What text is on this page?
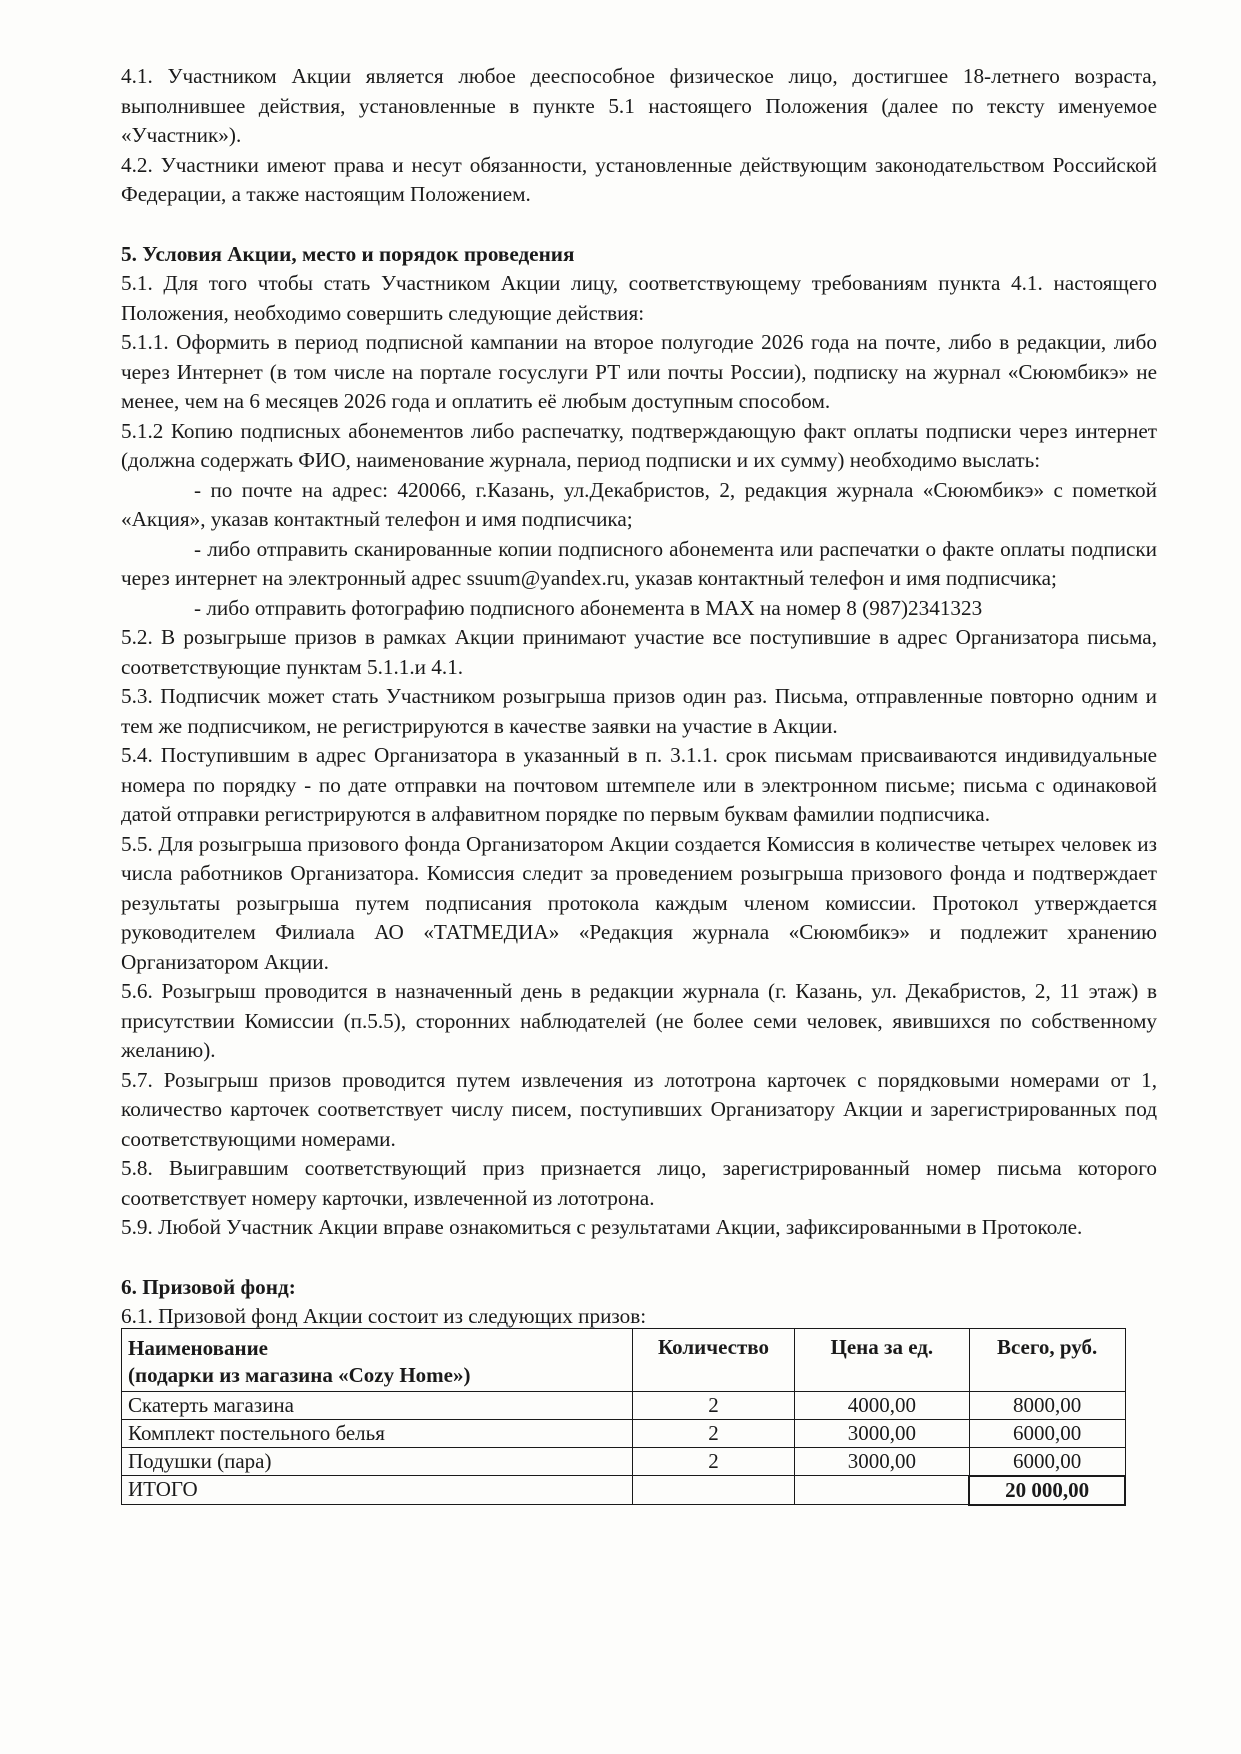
4.1. Участником Акции является любое дееспособное физическое лицо, достигшее 18-летнего возраста, выполнившее действия, установленные в пункте 5.1 настоящего Положения (далее по тексту именуемое «Участник»).

4.2. Участники имеют права и несут обязанности, установленные действующим законодательством Российской Федерации, а также настоящим Положением.

5. Условия Акции, место и порядок проведения

5.1. Для того чтобы стать Участником Акции лицу, соответствующему требованиям пункта 4.1. настоящего Положения, необходимо совершить следующие действия:

5.1.1. Оформить в период подписной кампании на второе полугодие 2026 года на почте, либо в редакции, либо через Интернет (в том числе на портале госуслуги РТ или почты России), подписку на журнал «Сююмбикэ» не менее, чем на 6 месяцев 2026 года и оплатить её любым доступным способом.

5.1.2 Копию подписных абонементов либо распечатку, подтверждающую факт оплаты подписки через интернет (должна содержать ФИО, наименование журнала, период подписки и их сумму) необходимо выслать:

- по почте на адрес: 420066, г.Казань, ул.Декабристов, 2, редакция журнала «Сююмбикэ» с пометкой «Акция», указав контактный телефон и имя подписчика;

- либо отправить сканированные копии подписного абонемента или распечатки о факте оплаты подписки через интернет на электронный адрес ssuum@yandex.ru, указав контактный телефон и имя подписчика;

- либо отправить фотографию подписного абонемента в MAX на номер 8 (987)2341323

5.2. В розыгрыше призов в рамках Акции принимают участие все поступившие в адрес Организатора письма, соответствующие пунктам 5.1.1.и 4.1.

5.3. Подписчик может стать Участником розыгрыша призов один раз. Письма, отправленные повторно одним и тем же подписчиком, не регистрируются в качестве заявки на участие в Акции.

5.4. Поступившим в адрес Организатора в указанный в п. 3.1.1. срок письмам присваиваются индивидуальные номера по порядку - по дате отправки на почтовом штемпеле или в электронном письме; письма с одинаковой датой отправки регистрируются в алфавитном порядке по первым буквам фамилии подписчика.

5.5. Для розыгрыша призового фонда Организатором Акции создается Комиссия в количестве четырех человек из числа работников Организатора. Комиссия следит за проведением розыгрыша призового фонда и подтверждает результаты розыгрыша путем подписания протокола каждым членом комиссии. Протокол утверждается руководителем Филиала АО «ТАТМЕДИА» «Редакция журнала «Сююмбикэ» и подлежит хранению Организатором Акции.

5.6. Розыгрыш проводится в назначенный день в редакции журнала (г. Казань, ул. Декабристов, 2, 11 этаж) в присутствии Комиссии (п.5.5), сторонних наблюдателей (не более семи человек, явившихся по собственному желанию).

5.7. Розыгрыш призов проводится путем извлечения из лототрона карточек с порядковыми номерами от 1, количество карточек соответствует числу писем, поступивших Организатору Акции и зарегистрированных под соответствующими номерами.

5.8. Выигравшим соответствующий приз признается лицо, зарегистрированный номер письма которого соответствует номеру карточки, извлеченной из лототрона.

5.9. Любой Участник Акции вправе ознакомиться с результатами Акции, зафиксированными в Протоколе.

6. Призовой фонд:

6.1. Призовой фонд Акции состоит из следующих призов:

Наименование
(подарки из магазина «Cozy Home»)	Количество	Цена за ед.	Всего, руб.
Скатерть магазина	2	4000,00	8000,00
Комплект постельного белья	2	3000,00	6000,00
Подушки (пара)	2	3000,00	6000,00
ИТОГО			20 000,00
